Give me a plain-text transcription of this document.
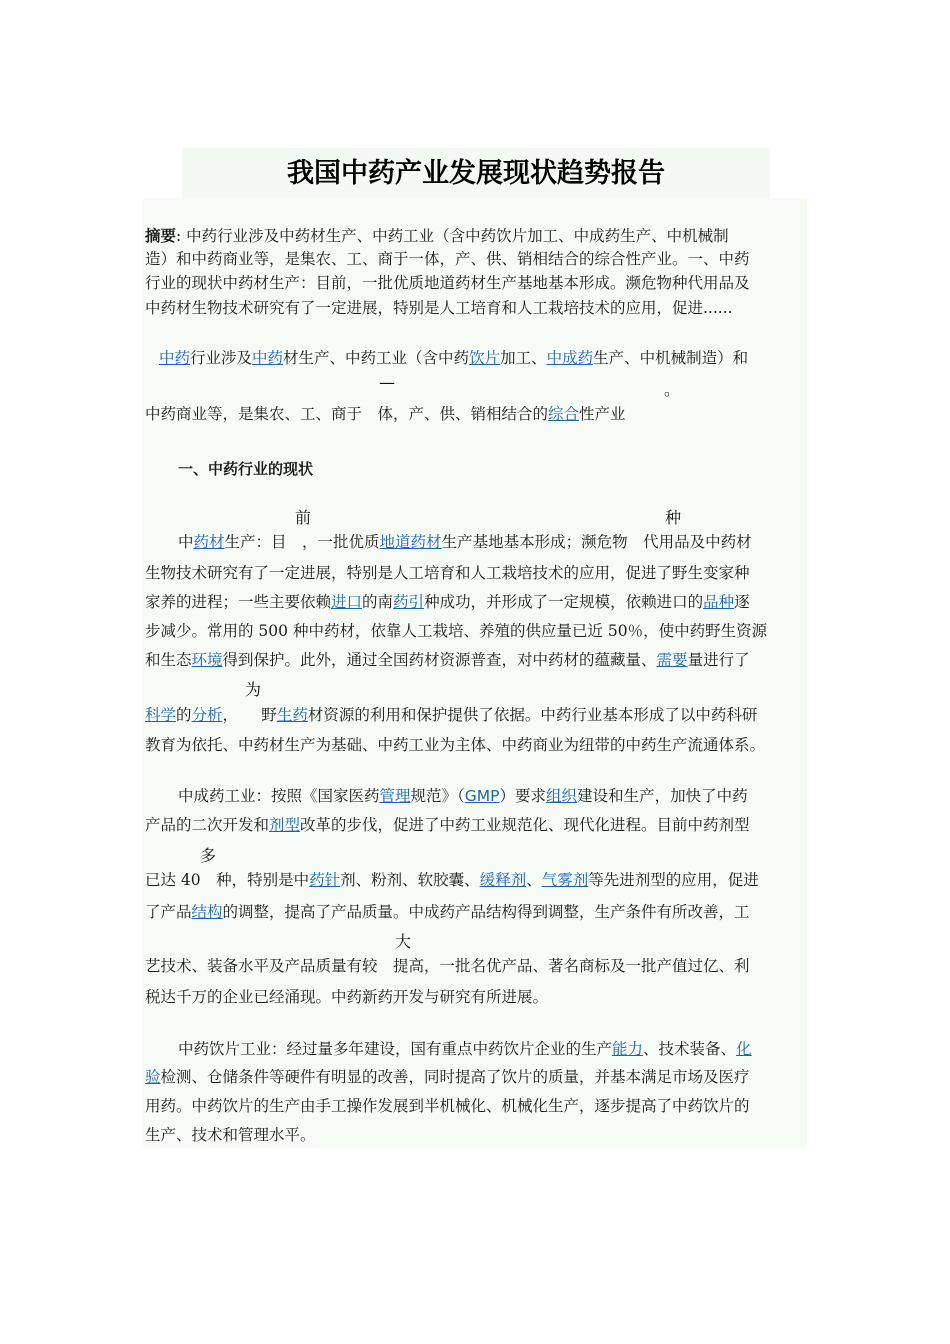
我国中药产业发展现状趋势报告
摘要: 中药行业涉及中药材生产、中药工业（含中药饮片加工、中成药生产、中机械制
造）和中药商业等，是集农、工、商于一体，产、供、销相结合的综合性产业。一、中药
行业的现状中药材生产：目前，一批优质地道药材生产基地基本形成。濒危物种代用品及
中药材生物技术研究有了一定进展，特别是人工培育和人工栽培技术的应用，促进......
中药行业涉及中药材生产、中药工业（含中药饮片加工、中成药生产、中机械制造）和
—	。
中药商业等，是集农、工、商于　体，产、供、销相结合的综合性产业
一、中药行业的现状
前	种
中药材生产：目　，一批优质地道药材生产基地基本形成；濒危物　代用品及中药材
生物技术研究有了一定进展，特别是人工培育和人工栽培技术的应用，促进了野生变家种
家养的进程；一些主要依赖进口的南药引种成功，并形成了一定规模，依赖进口的品种逐
步减少。常用的 500 种中药材，依靠人工栽培、养殖的供应量已近 50％，使中药野生资源
和生态环境得到保护。此外，通过全国药材资源普查，对中药材的蕴藏量、需要量进行了
为
科学的分析，　　野生药材资源的利用和保护提供了依据。中药行业基本形成了以中药科研
教育为依托、中药材生产为基础、中药工业为主体、中药商业为纽带的中药生产流通体系。
中成药工业：按照《国家医药管理规范》（GMP）要求组织建设和生产，加快了中药
产品的二次开发和剂型改革的步伐，促进了中药工业规范化、现代化进程。目前中药剂型
多
已达 40　种，特别是中药针剂、粉剂、软胶囊、缓释剂、气雾剂等先进剂型的应用，促进
了产品结构的调整，提高了产品质量。中成药产品结构得到调整，生产条件有所改善，工
大
艺技术、装备水平及产品质量有较　提高，一批名优产品、著名商标及一批产值过亿、利
税达千万的企业已经涌现。中药新药开发与研究有所进展。
中药饮片工业：经过量多年建设，国有重点中药饮片企业的生产能力、技术装备、化
验检测、仓储条件等硬件有明显的改善，同时提高了饮片的质量，并基本满足市场及医疗
用药。中药饮片的生产由手工操作发展到半机械化、机械化生产，逐步提高了中药饮片的
生产、技术和管理水平。
